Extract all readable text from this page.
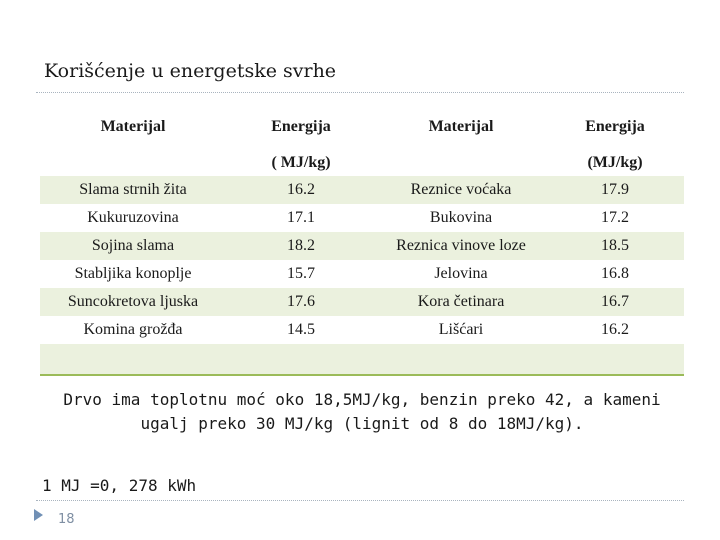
Korišćenje u energetske svrhe
Materijal	Energija	Materijal	Energija
	( MJ/kg)		(MJ/kg)
Slama strnih žita	16.2	Reznice voćaka	17.9
Kukuruzovina	17.1	Bukovina	17.2
Sojina slama	18.2	Reznica vinove loze	18.5
Stabljika konoplje	15.7	Jelovina	16.8
Suncokretova ljuska	17.6	Kora četinara	16.7
Komina grožđa	14.5	Lišćari	16.2

Drvo ima toplotnu moć oko 18,5MJ/kg, benzin preko 42, a kameni ugalj preko 30 MJ/kg (lignit od 8 do 18MJ/kg).
1 MJ =0, 278 kWh
18
